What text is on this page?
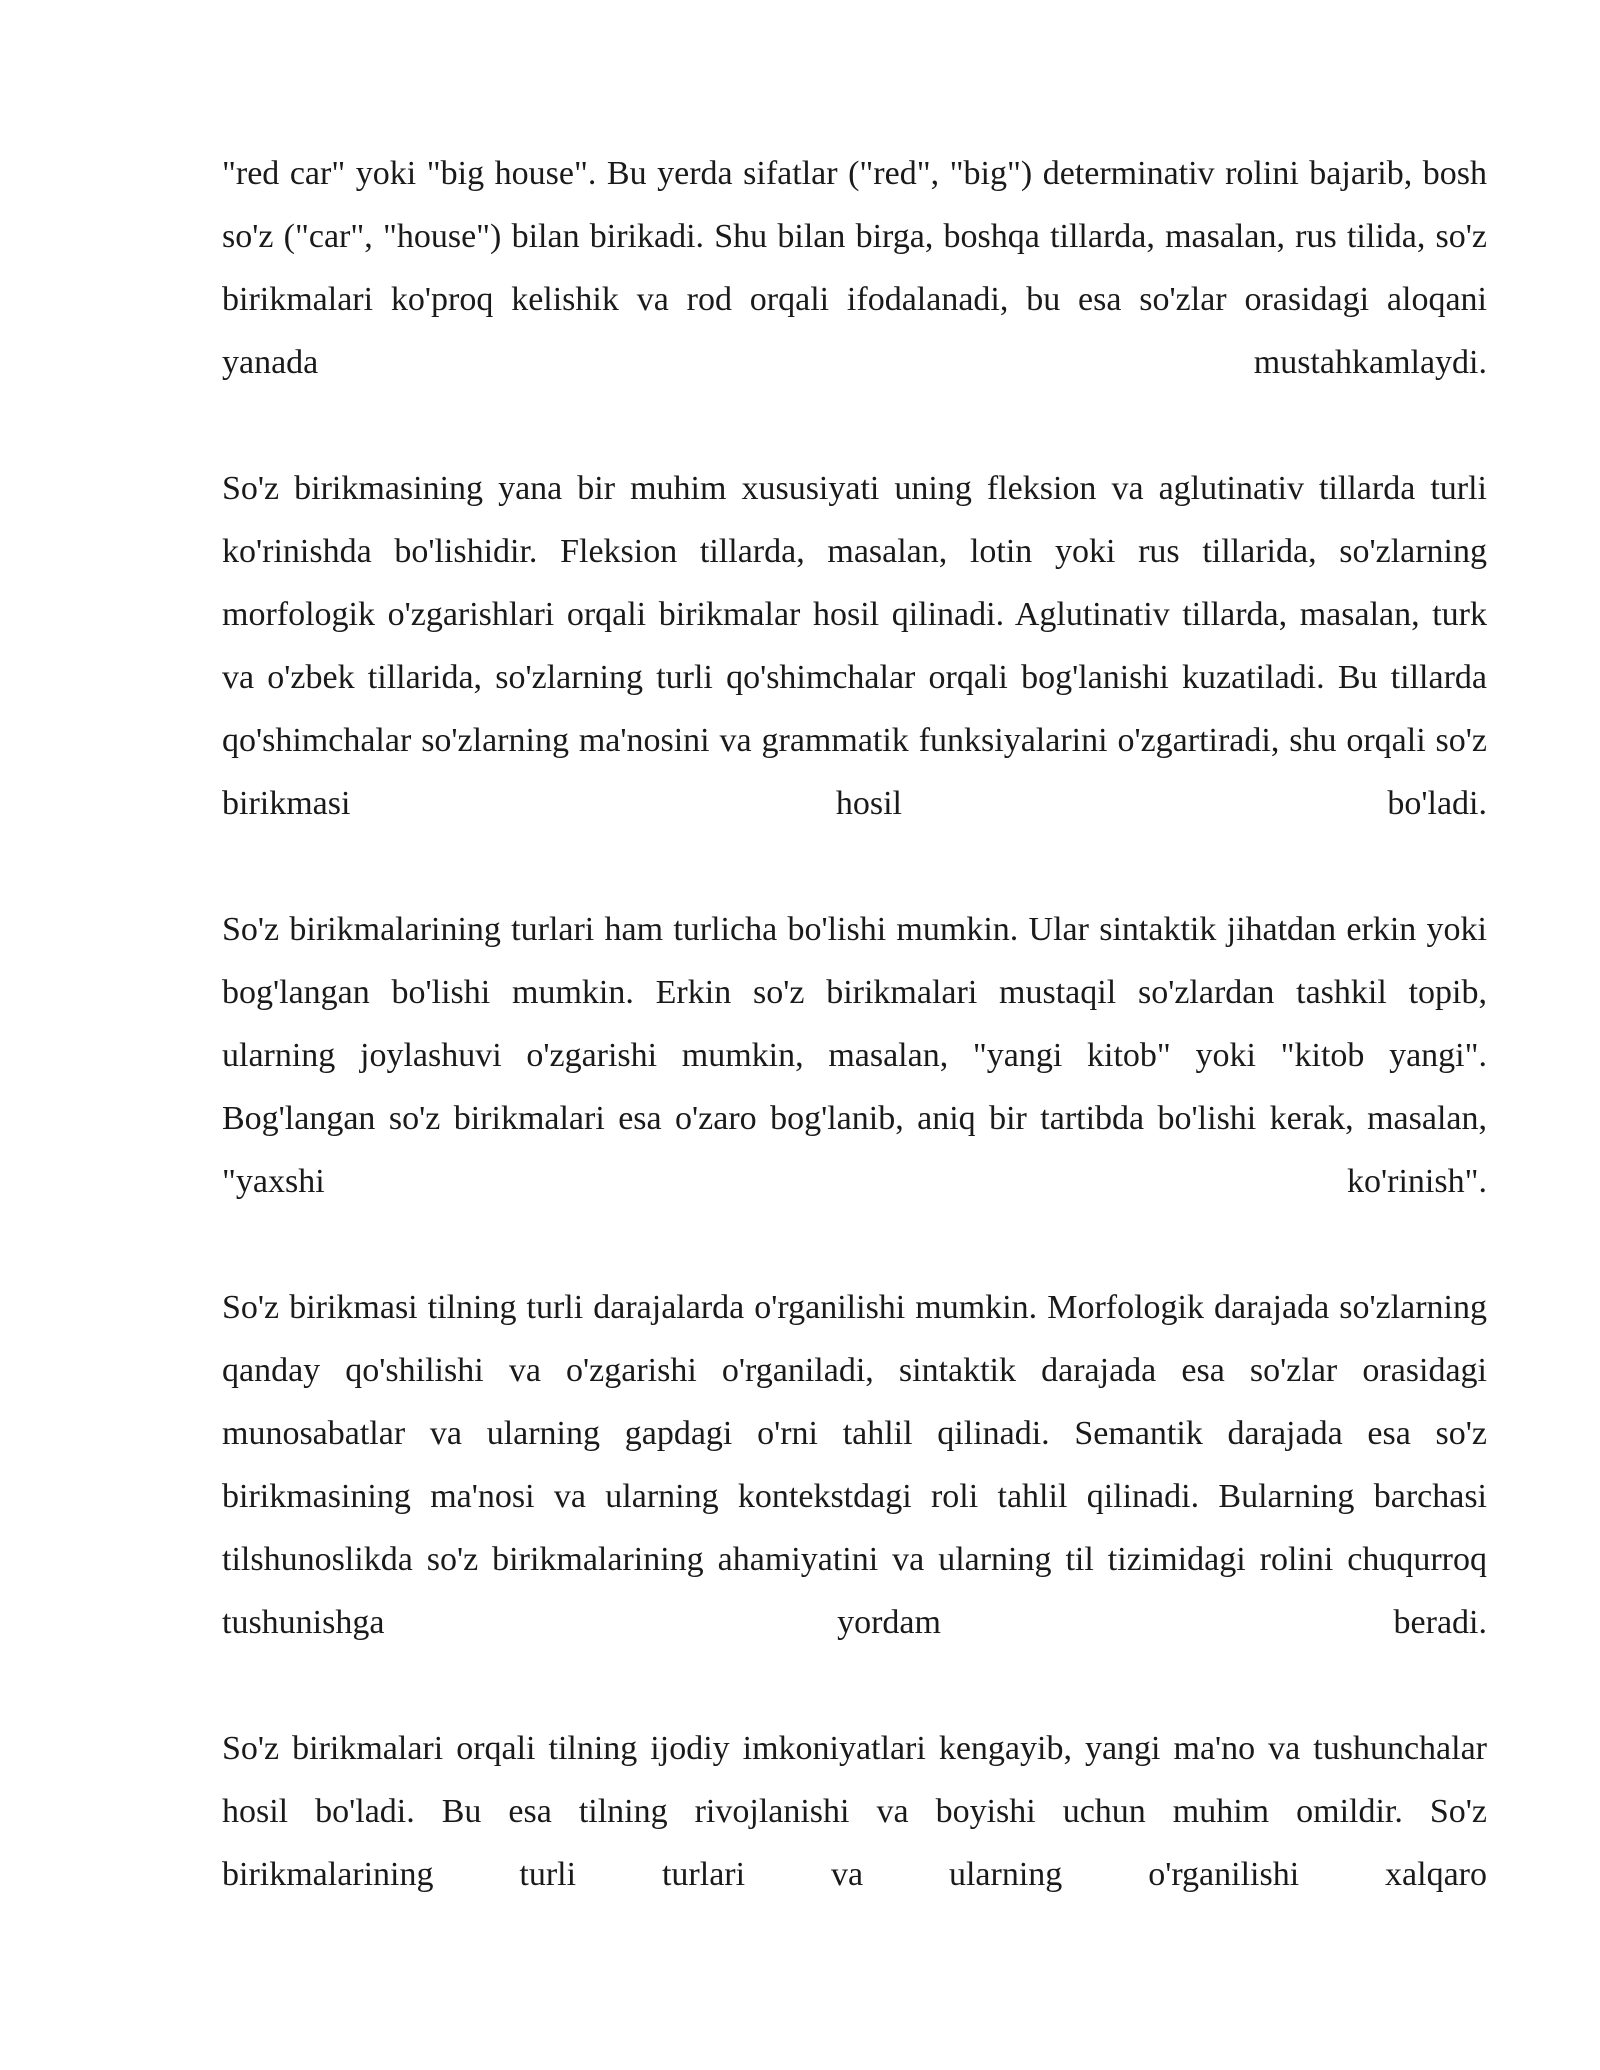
"red car" yoki "big house". Bu yerda sifatlar ("red", "big") determinativ rolini bajarib, bosh so'z ("car", "house") bilan birikadi. Shu bilan birga, boshqa tillarda, masalan, rus tilida, so'z birikmalari ko'proq kelishik va rod orqali ifodalanadi, bu esa so'zlar orasidagi aloqani yanada mustahkamlaydi.

So'z birikmasining yana bir muhim xususiyati uning fleksion va aglutinativ tillarda turli ko'rinishda bo'lishidir. Fleksion tillarda, masalan, lotin yoki rus tillarida, so'zlarning morfologik o'zgarishlari orqali birikmalar hosil qilinadi. Aglutinativ tillarda, masalan, turk va o'zbek tillarida, so'zlarning turli qo'shimchalar orqali bog'lanishi kuzatiladi. Bu tillarda qo'shimchalar so'zlarning ma'nosini va grammatik funksiyalarini o'zgartiradi, shu orqali so'z birikmasi hosil bo'ladi.

So'z birikmalarining turlari ham turlicha bo'lishi mumkin. Ular sintaktik jihatdan erkin yoki bog'langan bo'lishi mumkin. Erkin so'z birikmalari mustaqil so'zlardan tashkil topib, ularning joylashuvi o'zgarishi mumkin, masalan, "yangi kitob" yoki "kitob yangi". Bog'langan so'z birikmalari esa o'zaro bog'lanib, aniq bir tartibda bo'lishi kerak, masalan, "yaxshi ko'rinish".

So'z birikmasi tilning turli darajalarda o'rganilishi mumkin. Morfologik darajada so'zlarning qanday qo'shilishi va o'zgarishi o'rganiladi, sintaktik darajada esa so'zlar orasidagi munosabatlar va ularning gapdagi o'rni tahlil qilinadi. Semantik darajada esa so'z birikmasining ma'nosi va ularning kontekstdagi roli tahlil qilinadi. Bularning barchasi tilshunoslikda so'z birikmalarining ahamiyatini va ularning til tizimidagi rolini chuqurroq tushunishga yordam beradi.

So'z birikmalari orqali tilning ijodiy imkoniyatlari kengayib, yangi ma'no va tushunchalar hosil bo'ladi. Bu esa tilning rivojlanishi va boyishi uchun muhim omildir. So'z birikmalarining turli turlari va ularning o'rganilishi xalqaro
